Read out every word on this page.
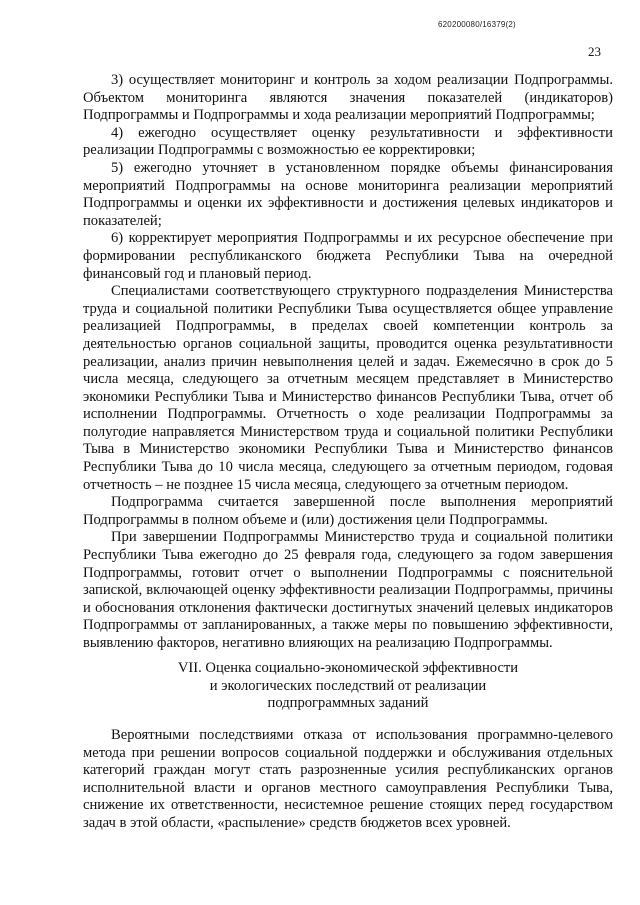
620200080/16379(2)
23

3) осуществляет мониторинг и контроль за ходом реализации Подпрограммы. Объектом мониторинга являются значения показателей (индикаторов) Подпрограммы и Подпрограммы и хода реализации мероприятий Подпрограммы;

4) ежегодно осуществляет оценку результативности и эффективности реализации Подпрограммы с возможностью ее корректировки;

5) ежегодно уточняет в установленном порядке объемы финансирования мероприятий Подпрограммы на основе мониторинга реализации мероприятий Подпрограммы и оценки их эффективности и достижения целевых индикаторов и показателей;

6) корректирует мероприятия Подпрограммы и их ресурсное обеспечение при формировании республиканского бюджета Республики Тыва на очередной финансовый год и плановый период.

Специалистами соответствующего структурного подразделения Министерства труда и социальной политики Республики Тыва осуществляется общее управление реализацией Подпрограммы, в пределах своей компетенции контроль за деятельностью органов социальной защиты, проводится оценка результативности реализации, анализ причин невыполнения целей и задач. Ежемесячно в срок до 5 числа месяца, следующего за отчетным месяцем представляет в Министерство экономики Республики Тыва и Министерство финансов Республики Тыва, отчет об исполнении Подпрограммы. Отчетность о ходе реализации Подпрограммы за полугодие направляется Министерством труда и социальной политики Республики Тыва в Министерство экономики Республики Тыва и Министерство финансов Республики Тыва до 10 числа месяца, следующего за отчетным периодом, годовая отчетность – не позднее 15 числа месяца, следующего за отчетным периодом.

Подпрограмма считается завершенной после выполнения мероприятий Подпрограммы в полном объеме и (или) достижения цели Подпрограммы.

При завершении Подпрограммы Министерство труда и социальной политики Республики Тыва ежегодно до 25 февраля года, следующего за годом завершения Подпрограммы, готовит отчет о выполнении Подпрограммы с пояснительной запиской, включающей оценку эффективности реализации Подпрограммы, причины и обоснования отклонения фактически достигнутых значений целевых индикаторов Подпрограммы от запланированных, а также меры по повышению эффективности, выявлению факторов, негативно влияющих на реализацию Подпрограммы.

VII. Оценка социально-экономической эффективности
и экологических последствий от реализации
подпрограммных заданий

Вероятными последствиями отказа от использования программно-целевого метода при решении вопросов социальной поддержки и обслуживания отдельных категорий граждан могут стать разрозненные усилия республиканских органов исполнительной власти и органов местного самоуправления Республики Тыва, снижение их ответственности, несистемное решение стоящих перед государством задач в этой области, «распыление» средств бюджетов всех уровней.
